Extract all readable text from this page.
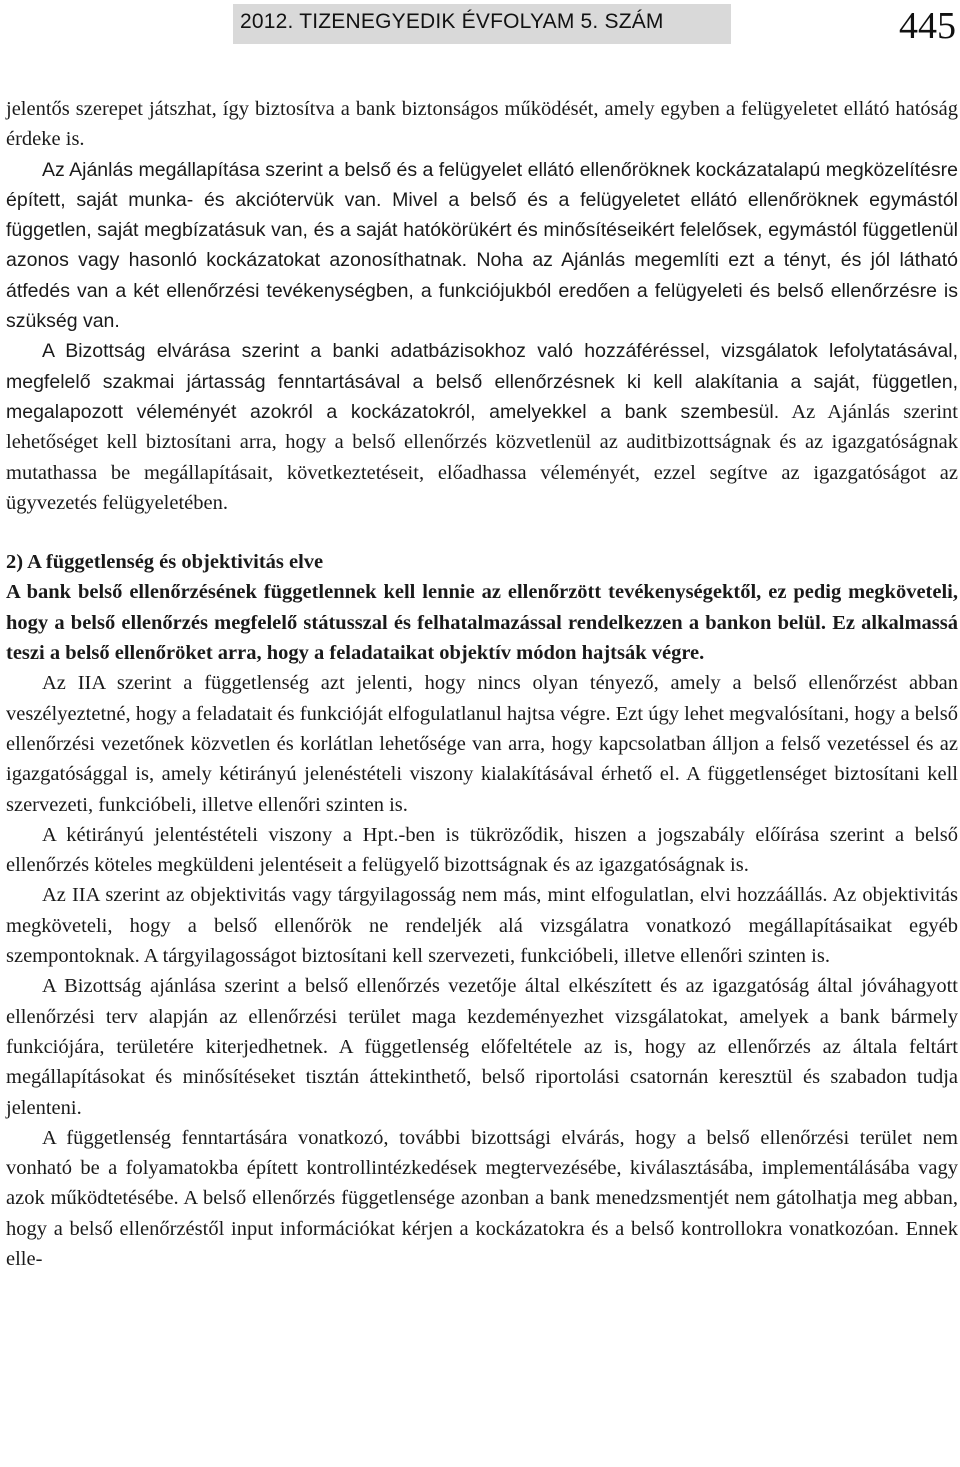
2012. TIZENEGYEDIK ÉVFOLYAM 5. SZÁM	445

jelentős szerepet játszhat, így biztosítva a bank biztonságos működését, amely egyben a felügyeletet ellátó hatóság érdeke is.

Az Ajánlás megállapítása szerint a belső és a felügyelet ellátó ellenőröknek kockázatalapú megközelítésre épített, saját munka- és akciótervük van. Mivel a belső és a felügyeletet ellátó ellenőröknek egymástól független, saját megbízatásuk van, és a saját hatókörükért és minősítéseikért felelősek, egymástól függetlenül azonos vagy hasonló kockázatokat azonosíthatnak. Noha az Ajánlás megemlíti ezt a tényt, és jól látható átfedés van a két ellenőrzési tevékenységben, a funkciójukból eredően a felügyeleti és belső ellenőrzésre is szükség van.

A Bizottság elvárása szerint a banki adatbázisokhoz való hozzáféréssel, vizsgálatok lefolytatásával, megfelelő szakmai jártasság fenntartásával a belső ellenőrzésnek ki kell alakítania a saját, független, megalapozott véleményét azokról a kockázatokról, amelyekkel a bank szembesül. Az Ajánlás szerint lehetőséget kell biztosítani arra, hogy a belső ellenőrzés közvetlenül az auditbizottságnak és az igazgatóságnak mutathassa be megállapításait, következtetéseit, előadhassa véleményét, ezzel segítve az igazgatóságot az ügyvezetés felügyeletében.

2) A függetlenség és objektivitás elve

A bank belső ellenőrzésének függetlennek kell lennie az ellenőrzött tevékenységektől, ez pedig megköveteli, hogy a belső ellenőrzés megfelelő státusszal és felhatalmazással rendelkezzen a bankon belül. Ez alkalmassá teszi a belső ellenőröket arra, hogy a feladataikat objektív módon hajtsák végre.

Az IIA szerint a függetlenség azt jelenti, hogy nincs olyan tényező, amely a belső ellenőrzést abban veszélyeztetné, hogy a feladatait és funkcióját elfogulatlanul hajtsa végre. Ezt úgy lehet megvalósítani, hogy a belső ellenőrzési vezetőnek közvetlen és korlátlan lehetősége van arra, hogy kapcsolatban álljon a felső vezetéssel és az igazgatósággal is, amely kétirányú jelenéstételi viszony kialakításával érhető el. A függetlenséget biztosítani kell szervezeti, funkcióbeli, illetve ellenőri szinten is.

A kétirányú jelentéstételi viszony a Hpt.-ben is tükröződik, hiszen a jogszabály előírása szerint a belső ellenőrzés köteles megküldeni jelentéseit a felügyelő bizottságnak és az igazgatóságnak is.

Az IIA szerint az objektivitás vagy tárgyilagosság nem más, mint elfogulatlan, elvi hozzáállás. Az objektivitás megköveteli, hogy a belső ellenőrök ne rendeljék alá vizsgálatra vonatkozó megállapításaikat egyéb szempontoknak. A tárgyilagosságot biztosítani kell szervezeti, funkcióbeli, illetve ellenőri szinten is.

A Bizottság ajánlása szerint a belső ellenőrzés vezetője által elkészített és az igazgatóság által jóváhagyott ellenőrzési terv alapján az ellenőrzési terület maga kezdeményezhet vizsgálatokat, amelyek a bank bármely funkciójára, területére kiterjedhetnek. A függetlenség előfeltétele az is, hogy az ellenőrzés az általa feltárt megállapításokat és minősítéseket tisztán áttekinthető, belső riportolási csatornán keresztül és szabadon tudja jelenteni.

A függetlenség fenntartására vonatkozó, további bizottsági elvárás, hogy a belső ellenőrzési terület nem vonható be a folyamatokba épített kontrollintézkedések megtervezésébe, kiválasztásába, implementálásába vagy azok működtetésébe. A belső ellenőrzés függetlensége azonban a bank menedzsmentjét nem gátolhatja meg abban, hogy a belső ellenőrzéstől input információkat kérjen a kockázatokra és a belső kontrollokra vonatkozóan. Ennek elle-
